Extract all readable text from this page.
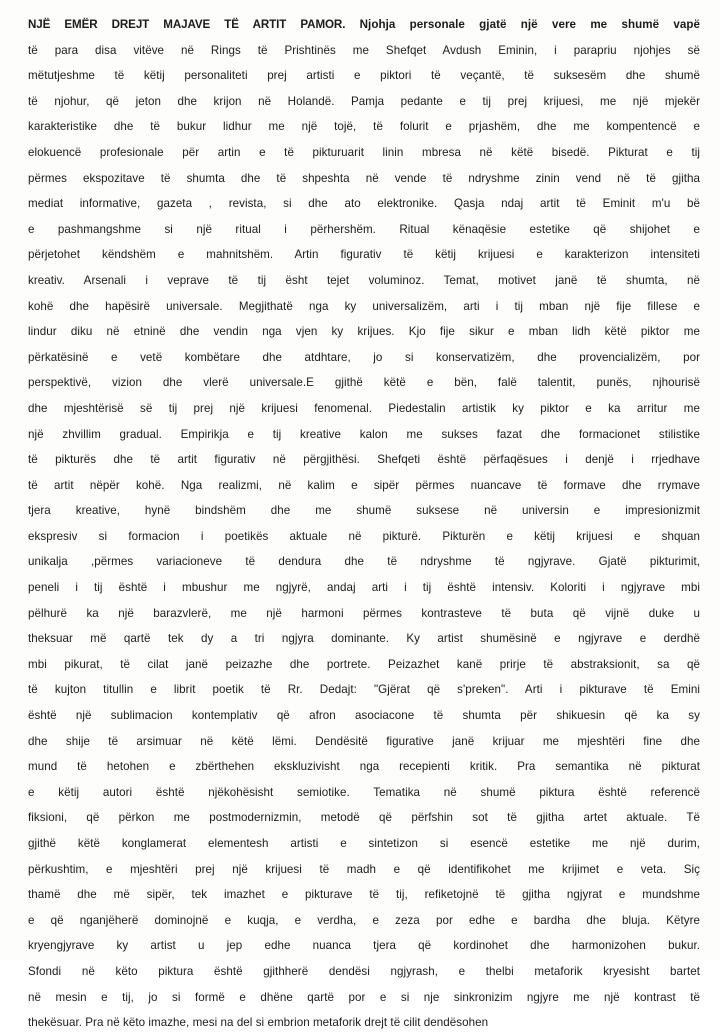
NJË EMËR DREJT MAJAVE TË ARTIT PAMOR. Njohja personale gjatë një vere me shumë vapë
të para disa vitëve në Rings të Prishtinës me Shefqet Avdush Eminin, i parapriu njohjes së
mëtutjeshme të këtij personaliteti prej artisti e piktori të veçantë, të suksesëm dhe shumë
të njohur, që jeton dhe krijon në Holandë. Pamja pedante e tij prej krijuesi, me një mjekër
karakteristike dhe të bukur lidhur me një tojë, të folurit e prjashëm, dhe me kompentencë e
elokuencë profesionale për artin e të pikturuarit linin mbresa në këtë bisedë. Pikturat e tij
përmes ekspozitave të shumta dhe të shpeshta në vende të ndryshme zinin vend në të gjitha
mediat informative, gazeta , revista, si dhe ato elektronike. Qasja ndaj artit të Eminit m'u bë
e pashmangshme si një ritual i përhershëm. Ritual kënaqësie estetike që shijohet e
përjetohet këndshëm e mahnitshëm. Artin figurativ të këtij krijuesi e karakterizon intensiteti
kreativ. Arsenali i veprave të tij ësht tejet voluminoz. Temat, motivet janë të shumta, në
kohë dhe hapësirë universale. Megjithatë nga ky universalizëm, arti i tij mban një fije fillese e
lindur diku në etninë dhe vendin nga vjen ky krijues. Kjo fije sikur e mban lidh këtë piktor me
përkatësinë e vetë kombëtare dhe atdhtare, jo si konservatizëm, dhe provencializëm, por
perspektivë, vizion dhe vlerë universale.E gjithë këtë e bën, falë talentit, punës, njhourisë
dhe mjeshtërisë së tij prej një krijuesi fenomenal. Piedestalin artistik ky piktor e ka arritur me
një zhvillim gradual. Empirikja e tij kreative kalon me sukses fazat dhe formacionet stilistike
të pikturës dhe të artit figurativ në përgjithësi. Shefqeti është përfaqësues i denjë i rrjedhave
të artit nëpër kohë. Nga realizmi, në kalim e sipër përmes nuancave të formave dhe rrymave
tjera kreative, hynë bindshëm dhe me shumë suksese në universin e impresionizmit
ekspresiv si formacion i poetikës aktuale në pikturë. Pikturën e këtij krijuesi e shquan
unikalja ,përmes variacioneve të dendura dhe të ndryshme të ngjyrave. Gjatë pikturimit,
peneli i tij është i mbushur me ngjyrë, andaj arti i tij është intensiv. Koloriti i ngjyrave mbi
pëlhurë ka një barazvlerë, me një harmoni përmes kontrasteve të buta që vijnë duke u
theksuar më qartë tek dy a tri ngjyra dominante. Ky artist shumësinë e ngjyrave e derdhë
mbi pikurat, të cilat janë peizazhe dhe portrete. Peizazhet kanë prirje të abstraksionit, sa që
të kujton titullin e librit poetik të Rr. Dedajt: "Gjërat që s'preken". Arti i pikturave të Emini
është një sublimacion kontemplativ që afron asociacone të shumta për shikuesin që ka sy
dhe shije të arsimuar në këtë lëmi. Dendësitë figurative janë krijuar me mjeshtëri fine dhe
mund të hetohen e zbërthehen ekskluzivisht nga recepienti kritik. Pra semantika në pikturat
e këtij autori është njëkohësisht semiotike. Tematika në shumë piktura është referencë
fiksioni, që përkon me postmodernizmin, metodë që përfshin sot të gjitha artet aktuale. Të
gjithë këtë konglamerat elementesh artisti e sintetizon si esencë estetike me një durim,
përkushtim, e mjeshtëri prej një krijuesi të madh e që identifikohet me krijimet e veta. Siç
thamë dhe më sipër, tek imazhet e pikturave të tij, refiketojnë të gjitha ngjyrat e mundshme
e që nganjëherë dominojnë e kuqja, e verdha, e zeza por edhe e bardha dhe bluja. Këtyre
kryengjyrave ky artist u jep edhe nuanca tjera që kordinohet dhe harmonizohen bukur.
Sfondi në këto piktura është gjithherë dendësi ngjyrash, e thelbi metaforik kryesisht bartet
në mesin e tij, jo si formë e dhëne qartë por e si nje sinkronizim ngjyre me një kontrast të
thekësuar. Pra në këto imazhe, mesi na del si embrion metaforik drejt të cilit dendësohen
